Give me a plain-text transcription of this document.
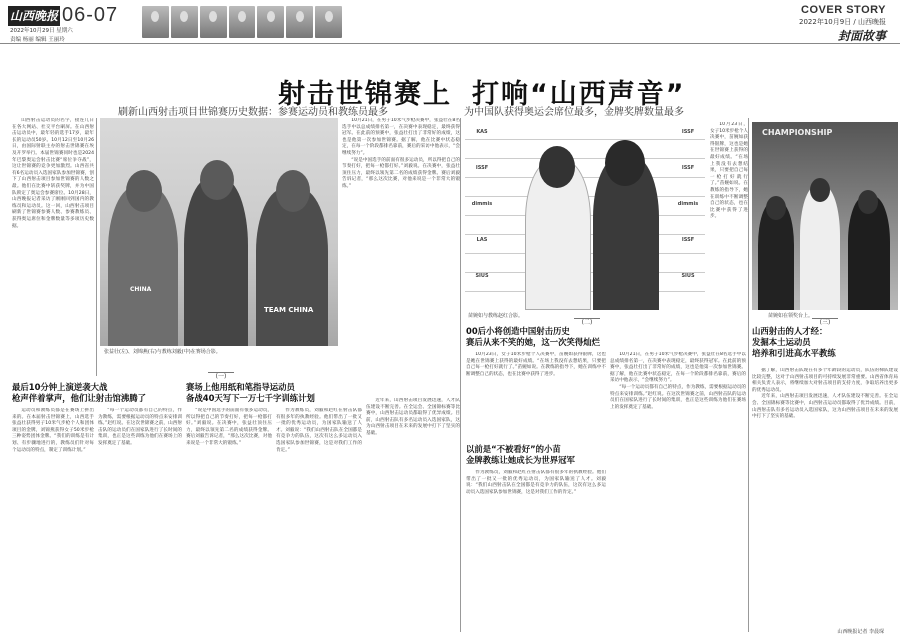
山西晚报 06-07
2022年10月29日 星期六
责编 杨丽 编辑 王丽玲
COVER STORY
2022年10月9日 / 山西晚报
封面故事
射击世锦赛上 打响“山西声音”
刷新山西射击项目世锦赛历史数据：参赛运动员和教练员最多	为中国队获得奥运会席位最多，金牌奖牌数量最多

山西射击运动员的名字，接连几日在各大网站、社交平台刷屏。在山西射击运动员中，最年轻的选手17岁，最年长的运动员50岁。10月12日至10月26日，由国际射联主办的射击世锦赛在埃及开罗举行。本届世锦赛同时也是2024年巴黎奥运会射击比赛“席位争夺战”，这让世锦赛的竞争更加激烈。山西省共有6名运动员入选国家队参加世锦赛，创下了山西射击项目参加世锦赛的人数之最。他们在比赛中斩获奖牌，并为中国队锁定了奥运会参赛席位。10月28日，山西晚报记者采访了刚刚回到国内的教练员和运动员。这一回，山西射击项目刷新了世锦赛参赛人数、参赛教练员、获得奥运席位和金牌数量等多项历史数据。

CHINA
TEAM CHINA
张益壮(左)、刘锦燕(右)与教练刘毅(中)在赛场合影。

10月21日，在男子10米气步枪决赛中，张益壮在8名选手中以总成绩排名第一，在决赛中表现稳定，最终获得冠军。在此前的预赛中，张益壮打出了非常好的成绩，这也是他第一次参加世锦赛。据了解，他在比赛中状态稳定，在每一个阶段都排名靠前，赛后的采访中他表示，“会继续努力”。

“说是中国选手的前面有很多运动员，所以得把自己的节奏打好，把每一枪都打好。”刘毅说。在决赛中，张益壮顶住压力，最终以领先第二名的成绩获得金牌。赛后刘毅告诉记者，“那么这次比赛，对他来说是一个非常大的锻炼。”

KAS
ISSF
dimmis
LAS
SIUS
ISSF
ISSF
dimmis
ISSF
SIUS
苗婉如与教练赵红合影。

10月23日，女子10米步枪个人决赛中，苗婉如获得银牌，这也是她在世锦赛上获得的最好成绩。“在场上我没有去想结果，只要把自己每一枪打好就行了。”苗婉如说。在教练的指导下，她在训练中不断调整自己的状态，也在比赛中获得了进步。

CHAMPIONSHIP
苗婉如在领奖台上。
(一)
(二)	(三)
最后10分钟上演逆袭大战
枪声伴着掌声，他们让射击馆沸腾了
赛场上他用纸和笔指导运动员
备战40天写下一万七千字训练计划
00后小将创造中国射击历史
赛后从来不笑的她，这一次笑得灿烂
以前是“不被看好”的小苗
金牌教练让她成长为世界冠军
山西射击的人才经：
发掘本土运动员
培养和引进高水平教练

运动员和教练员都是在赛场上拼出来的。在本届射击世锦赛上，山西选手张益壮获得男子10米气步枪个人和团体项目的金牌，刘锦燕获得女子50米步枪三种姿势团体金牌。“我们的训练是有计划、有步骤地进行的，教练员们针对每个运动员的特点，制定了训练计划。”

“每一个运动员都有自己的特点，作为教练，需要根据运动员的特点来安排训练。”赵红说。在这次世锦赛之前，山西射击队的运动员们在国家队进行了长时间的集训，也正是这些训练为他们在赛场上的发挥奠定了基础。

“说是中国选手的前面有很多运动员，所以得把自己的节奏打好，把每一枪都打好。”刘毅说。在决赛中，张益壮顶住压力，最终以领先第二名的成绩获得金牌。赛后刘毅告诉记者，“那么这次比赛，对他来说是一个非常大的锻炼。”

作为教练员，刘毅和赵红在射击队都有很多年的执教经验。他们带出了一批又一批的优秀运动员，为国家队输送了人才。刘毅说：“我们山西射击队在全国都是有竞争力的队伍，这次有这么多运动员入选国家队参加世锦赛，这是对我们工作的肯定。”

近年来，山西射击项目发展迅速，人才队伍建设不断完善。在全运会、全国锦标赛等比赛中，山西射击运动员都取得了优异成绩。目前，山西射击队有多名运动员入选国家队，这为山西射击项目在未来的发展中打下了坚实的基础。

10月23日，女子10米步枪个人决赛中，苗婉如获得银牌，这也是她在世锦赛上获得的最好成绩。“在场上我没有去想结果，只要把自己每一枪打好就行了。”苗婉如说。在教练的指导下，她在训练中不断调整自己的状态，也在比赛中获得了进步。

10月21日，在男子10米气步枪决赛中，张益壮在8名选手中以总成绩排名第一，在决赛中表现稳定，最终获得冠军。在此前的预赛中，张益壮打出了非常好的成绩，这也是他第一次参加世锦赛。据了解，他在比赛中状态稳定，在每一个阶段都排名靠前，赛后的采访中他表示，“会继续努力”。

“每一个运动员都有自己的特点，作为教练，需要根据运动员的特点来安排训练。”赵红说。在这次世锦赛之前，山西射击队的运动员们在国家队进行了长时间的集训，也正是这些训练为他们在赛场上的发挥奠定了基础。

作为教练员，刘毅和赵红在射击队都有很多年的执教经验。他们带出了一批又一批的优秀运动员，为国家队输送了人才。刘毅说：“我们山西射击队在全国都是有竞争力的队伍，这次有这么多运动员入选国家队参加世锦赛，这是对我们工作的肯定。”

据了解，山西射击队现在有多个年龄段的运动员，队伍的梯队建设比较完整，这对于山西射击项目的可持续发展非常重要。山西省体育局相关负责人表示，将继续加大对射击项目的支持力度，争取培养出更多的优秀运动员。

近年来，山西射击项目发展迅速，人才队伍建设不断完善。在全运会、全国锦标赛等比赛中，山西射击运动员都取得了优异成绩。目前，山西射击队有多名运动员入选国家队，这为山西射击项目在未来的发展中打下了坚实的基础。

山西晚报记者 李晨琛
